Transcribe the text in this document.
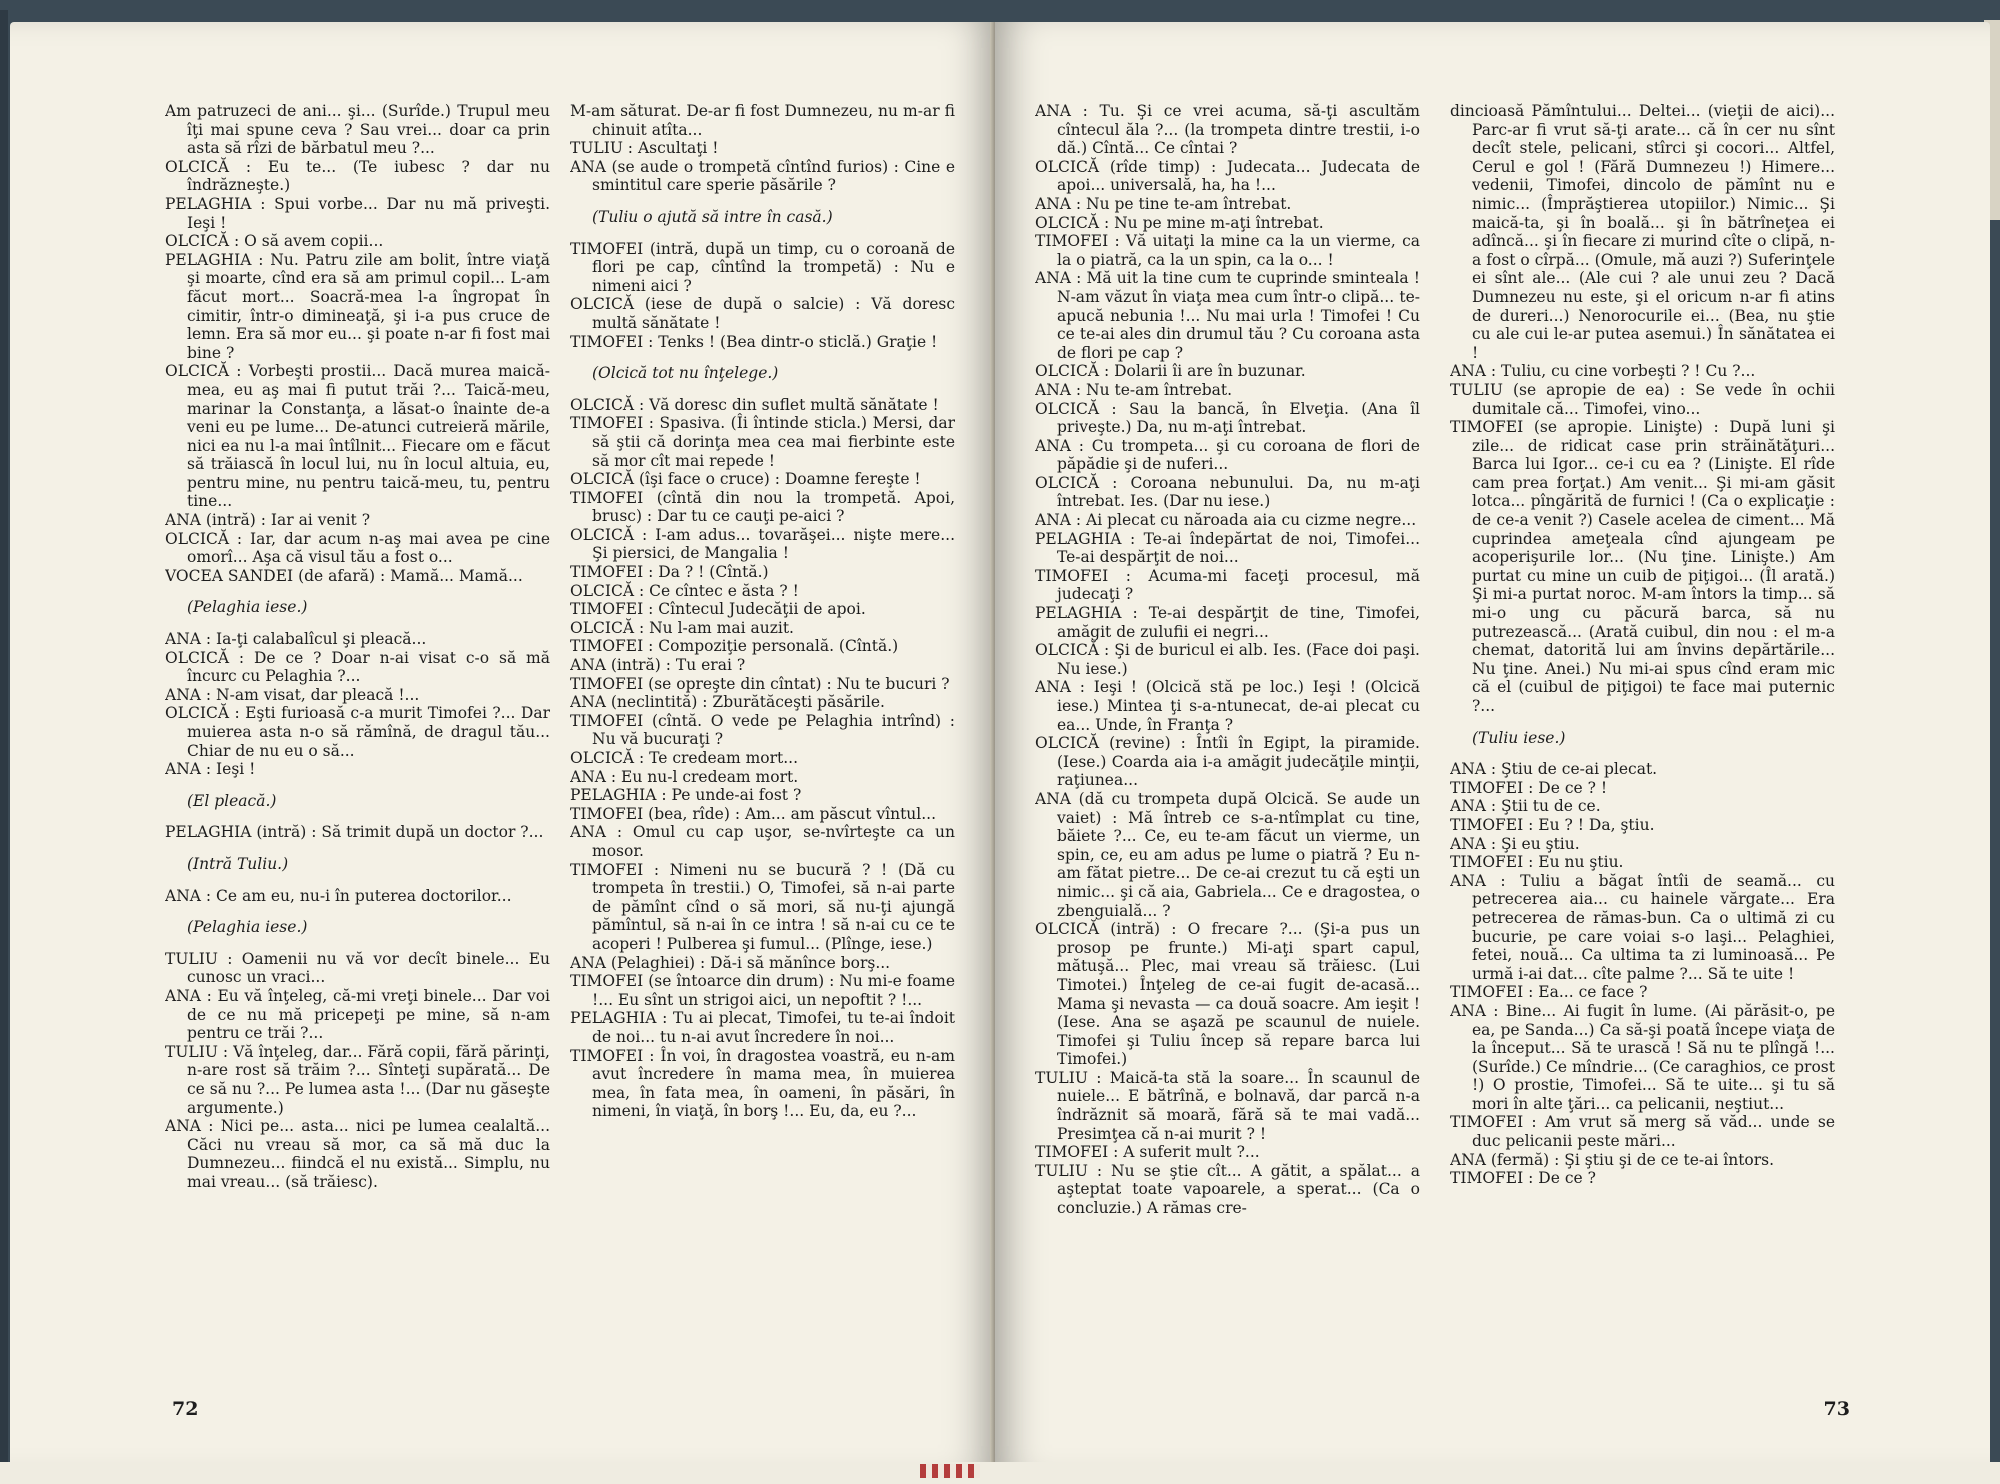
Am patruzeci de ani... şi... (Surîde.) Trupul meu îţi mai spune ceva ? Sau vrei... doar ca prin asta să rîzi de bărbatul meu ?...

OLCICĂ : Eu te... (Te iubesc ? dar nu îndrăzneşte.)

PELAGHIA : Spui vorbe... Dar nu mă priveşti. Ieşi !

OLCICĂ : O să avem copii...

PELAGHIA : Nu. Patru zile am bolit, între viaţă şi moarte, cînd era să am primul copil... L-am făcut mort... Soacră-mea l-a îngropat în cimitir, într-o dimineaţă, şi i-a pus cruce de lemn. Era să mor eu... şi poate n-ar fi fost mai bine ?

OLCICĂ : Vorbeşti prostii... Dacă murea maică-mea, eu aş mai fi putut trăi ?... Taică-meu, marinar la Constanţa, a lăsat-o înainte de-a veni eu pe lume... De-atunci cutreieră mările, nici ea nu l-a mai întîlnit... Fiecare om e făcut să trăiască în locul lui, nu în locul altuia, eu, pentru mine, nu pentru taică-meu, tu, pentru tine...

ANA (intră) : Iar ai venit ?

OLCICĂ : Iar, dar acum n-aş mai avea pe cine omorî... Aşa că visul tău a fost o...

VOCEA SANDEI (de afară) : Mamă... Mamă...

(Pelaghia iese.)

ANA : Ia-ţi calabalîcul şi pleacă...

OLCICĂ : De ce ? Doar n-ai visat c-o să mă încurc cu Pelaghia ?...

ANA : N-am visat, dar pleacă !...

OLCICĂ : Eşti furioasă c-a murit Timofei ?... Dar muierea asta n-o să rămînă, de dragul tău... Chiar de nu eu o să...

ANA : Ieşi !

(El pleacă.)

PELAGHIA (intră) : Să trimit după un doctor ?...

(Intră Tuliu.)

ANA : Ce am eu, nu-i în puterea doctorilor...

(Pelaghia iese.)

TULIU : Oamenii nu vă vor decît binele... Eu cunosc un vraci...

ANA : Eu vă înţeleg, că-mi vreţi binele... Dar voi de ce nu mă pricepeţi pe mine, să n-am pentru ce trăi ?...

TULIU : Vă înţeleg, dar... Fără copii, fără părinţi, n-are rost să trăim ?... Sînteţi supărată... De ce să nu ?... Pe lumea asta !... (Dar nu găseşte argumente.)

ANA : Nici pe... asta... nici pe lumea cealaltă... Căci nu vreau să mor, ca să mă duc la Dumnezeu... fiindcă el nu există... Simplu, nu mai vreau... (să trăiesc).

M-am săturat. De-ar fi fost Dumnezeu, nu m-ar fi chinuit atîta...

TULIU : Ascultaţi !

ANA (se aude o trompetă cîntînd furios) : Cine e smintitul care sperie păsările ?

(Tuliu o ajută să intre în casă.)

TIMOFEI (intră, după un timp, cu o coroană de flori pe cap, cîntînd la trompetă) : Nu e nimeni aici ?

OLCICĂ (iese de după o salcie) : Vă doresc multă sănătate !

TIMOFEI : Tenks ! (Bea dintr-o sticlă.) Graţie !

(Olcică tot nu înţelege.)

OLCICĂ : Vă doresc din suflet multă sănătate !

TIMOFEI : Spasiva. (Îi întinde sticla.) Mersi, dar să ştii că dorinţa mea cea mai fierbinte este să mor cît mai repede !

OLCICĂ (îşi face o cruce) : Doamne fereşte !

TIMOFEI (cîntă din nou la trompetă. Apoi, brusc) : Dar tu ce cauţi pe-aici ?

OLCICĂ : I-am adus... tovarăşei... nişte mere... Şi piersici, de Mangalia !

TIMOFEI : Da ? ! (Cîntă.)

OLCICĂ : Ce cîntec e ăsta ? !

TIMOFEI : Cîntecul Judecăţii de apoi.

OLCICĂ : Nu l-am mai auzit.

TIMOFEI : Compoziţie personală. (Cîntă.)

ANA (intră) : Tu erai ?

TIMOFEI (se opreşte din cîntat) : Nu te bucuri ?

ANA (neclintită) : Zburătăceşti păsările.

TIMOFEI (cîntă. O vede pe Pelaghia intrînd) : Nu vă bucuraţi ?

OLCICĂ : Te credeam mort...

ANA : Eu nu-l credeam mort.

PELAGHIA : Pe unde-ai fost ?

TIMOFEI (bea, rîde) : Am... am păscut vîntul...

ANA : Omul cu cap uşor, se-nvîrteşte ca un mosor.

TIMOFEI : Nimeni nu se bucură ? ! (Dă cu trompeta în trestii.) O, Timofei, să n-ai parte de pămînt cînd o să mori, să nu-ţi ajungă pămîntul, să n-ai în ce intra ! să n-ai cu ce te acoperi ! Pulberea şi fumul... (Plînge, iese.)

ANA (Pelaghiei) : Dă-i să mănînce borş...

TIMOFEI (se întoarce din drum) : Nu mi-e foame !... Eu sînt un strigoi aici, un nepoftit ? !...

PELAGHIA : Tu ai plecat, Timofei, tu te-ai îndoit de noi... tu n-ai avut încredere în noi...

TIMOFEI : În voi, în dragostea voastră, eu n-am avut încredere în mama mea, în muierea mea, în fata mea, în oameni, în păsări, în nimeni, în viaţă, în borş !... Eu, da, eu ?...

72

ANA : Tu. Şi ce vrei acuma, să-ţi ascultăm cîntecul ăla ?... (la trompeta dintre trestii, i-o dă.) Cîntă... Ce cîntai ?

OLCICĂ (rîde timp) : Judecata... Judecata de apoi... universală, ha, ha !...

ANA : Nu pe tine te-am întrebat.

OLCICĂ : Nu pe mine m-aţi întrebat.

TIMOFEI : Vă uitaţi la mine ca la un vierme, ca la o piatră, ca la un spin, ca la o... !

ANA : Mă uit la tine cum te cuprinde sminteala ! N-am văzut în viaţa mea cum într-o clipă... te-apucă nebunia !... Nu mai urla ! Timofei ! Cu ce te-ai ales din drumul tău ? Cu coroana asta de flori pe cap ?

OLCICĂ : Dolarii îi are în buzunar.

ANA : Nu te-am întrebat.

OLCICĂ : Sau la bancă, în Elveţia. (Ana îl priveşte.) Da, nu m-aţi întrebat.

ANA : Cu trompeta... şi cu coroana de flori de păpădie şi de nuferi...

OLCICĂ : Coroana nebunului. Da, nu m-aţi întrebat. Ies. (Dar nu iese.)

ANA : Ai plecat cu năroada aia cu cizme negre...

PELAGHIA : Te-ai îndepărtat de noi, Timofei... Te-ai despărţit de noi...

TIMOFEI : Acuma-mi faceţi procesul, mă judecaţi ?

PELAGHIA : Te-ai despărţit de tine, Timofei, amăgit de zulufii ei negri...

OLCICĂ : Şi de buricul ei alb. Ies. (Face doi paşi. Nu iese.)

ANA : Ieşi ! (Olcică stă pe loc.) Ieşi ! (Olcică iese.) Mintea ţi s-a-ntunecat, de-ai plecat cu ea... Unde, în Franţa ?

OLCICĂ (revine) : Întîi în Egipt, la piramide. (Iese.) Coarda aia i-a amăgit judecăţile minţii, raţiunea...

ANA (dă cu trompeta după Olcică. Se aude un vaiet) : Mă întreb ce s-a-ntîmplat cu tine, băiete ?... Ce, eu te-am făcut un vierme, un spin, ce, eu am adus pe lume o piatră ? Eu n-am fătat pietre... De ce-ai crezut tu că eşti un nimic... şi că aia, Gabriela... Ce e dragostea, o zbenguială... ?

OLCICĂ (intră) : O frecare ?... (Şi-a pus un prosop pe frunte.) Mi-aţi spart capul, mătuşă... Plec, mai vreau să trăiesc. (Lui Timotei.) Înţeleg de ce-ai fugit de-acasă... Mama şi nevasta — ca două soacre. Am ieşit ! (Iese. Ana se aşază pe scaunul de nuiele. Timofei şi Tuliu încep să repare barca lui Timofei.)

TULIU : Maică-ta stă la soare... În scaunul de nuiele... E bătrînă, e bolnavă, dar parcă n-a îndrăznit să moară, fără să te mai vadă... Presimţea că n-ai murit ? !

TIMOFEI : A suferit mult ?...

TULIU : Nu se ştie cît... A gătit, a spălat... a aşteptat toate vapoarele, a sperat... (Ca o concluzie.) A rămas cre-

dincioasă Pămîntului... Deltei... (vieţii de aici)... Parc-ar fi vrut să-ţi arate... că în cer nu sînt decît stele, pelicani, stîrci şi cocori... Altfel, Cerul e gol ! (Fără Dumnezeu !) Himere... vedenii, Timofei, dincolo de pămînt nu e nimic... (Împrăştierea utopiilor.) Nimic... Şi maică-ta, şi în boală... şi în bătrîneţea ei adîncă... şi în fiecare zi murind cîte o clipă, n-a fost o cîrpă... (Omule, mă auzi ?) Suferinţele ei sînt ale... (Ale cui ? ale unui zeu ? Dacă Dumnezeu nu este, şi el oricum n-ar fi atins de dureri...) Nenorocurile ei... (Bea, nu ştie cu ale cui le-ar putea asemui.) În sănătatea ei !

ANA : Tuliu, cu cine vorbeşti ? ! Cu ?...

TULIU (se apropie de ea) : Se vede în ochii dumitale că... Timofei, vino...

TIMOFEI (se apropie. Linişte) : După luni şi zile... de ridicat case prin străinătăţuri... Barca lui Igor... ce-i cu ea ? (Linişte. El rîde cam prea forţat.) Am venit... Şi mi-am găsit lotca... pîngărită de furnici ! (Ca o explicaţie : de ce-a venit ?) Casele acelea de ciment... Mă cuprindea ameţeala cînd ajungeam pe acoperişurile lor... (Nu ţine. Linişte.) Am purtat cu mine un cuib de piţigoi... (Îl arată.) Şi mi-a purtat noroc. M-am întors la timp... să mi-o ung cu păcură barca, să nu putrezească... (Arată cuibul, din nou : el m-a chemat, datorită lui am învins depărtările... Nu ţine. Anei.) Nu mi-ai spus cînd eram mic că el (cuibul de piţigoi) te face mai puternic ?...

(Tuliu iese.)

ANA : Ştiu de ce-ai plecat.

TIMOFEI : De ce ? !

ANA : Ştii tu de ce.

TIMOFEI : Eu ? ! Da, ştiu.

ANA : Şi eu ştiu.

TIMOFEI : Eu nu ştiu.

ANA : Tuliu a băgat întîi de seamă... cu petrecerea aia... cu hainele vărgate... Era petrecerea de rămas-bun. Ca o ultimă zi cu bucurie, pe care voiai s-o laşi... Pelaghiei, fetei, nouă... Ca ultima ta zi luminoasă... Pe urmă i-ai dat... cîte palme ?... Să te uite !

TIMOFEI : Ea... ce face ?

ANA : Bine... Ai fugit în lume. (Ai părăsit-o, pe ea, pe Sanda...) Ca să-şi poată începe viaţa de la început... Să te urască ! Să nu te plîngă !... (Surîde.) Ce mîndrie... (Ce caraghios, ce prost !) O prostie, Timofei... Să te uite... şi tu să mori în alte ţări... ca pelicanii, neştiut...

TIMOFEI : Am vrut să merg să văd... unde se duc pelicanii peste mări...

ANA (fermă) : Şi ştiu şi de ce te-ai întors.

TIMOFEI : De ce ?

73
